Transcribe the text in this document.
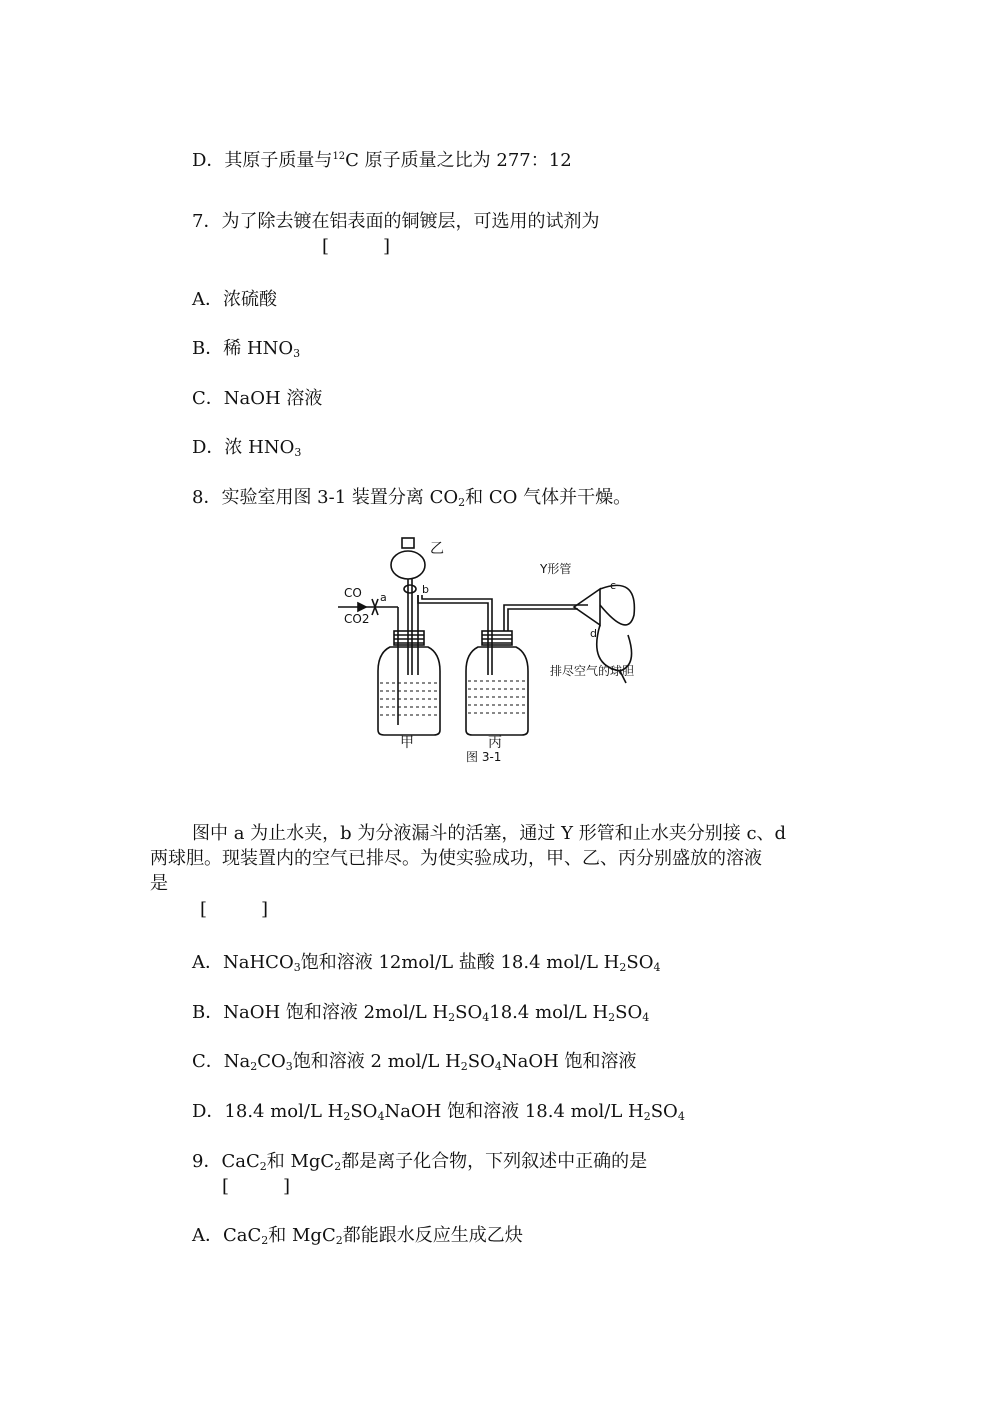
D．其原子质量与$^{12}$C 原子质量之比为 277：12
7．为了除去镀在铝表面的铜镀层，可选用的试剂为
[　　　]
A．浓硫酸
B．稀 $HNO_3$
C．NaOH 溶液
D．浓 $HNO_3$
8．实验室用图 3-1 装置分离 $CO_2$和 CO 气体并干燥。
乙
CO
CO2
a
b
Y形管
c
d
排尽空气的球胆
甲	丙
图 3-1
图中 a 为止水夹，b 为分液漏斗的活塞，通过 Y 形管和止水夹分别接 c、d
两球胆。现装置内的空气已排尽。为使实验成功，甲、乙、丙分别盛放的溶液
是
[　　　]
A．NaHCO$_3$饱和溶液 12mol/L 盐酸 18.4 mol/L $H_2SO_4$
B．NaOH 饱和溶液 2mol/L $H_2SO_418.4$ mol/L $H_2SO_4$
C．$Na_2CO_3$饱和溶液 2 mol/L $H_2SO_4NaOH$ 饱和溶液
D．18.4 mol/L $H_2SO_4NaOH$ 饱和溶液 18.4 mol/L $H_2SO_4$
9．CaC$_2$和 MgC$_2$都是离子化合物，下列叙述中正确的是
[　　　]
A．CaC$_2$和 MgC$_2$都能跟水反应生成乙炔
